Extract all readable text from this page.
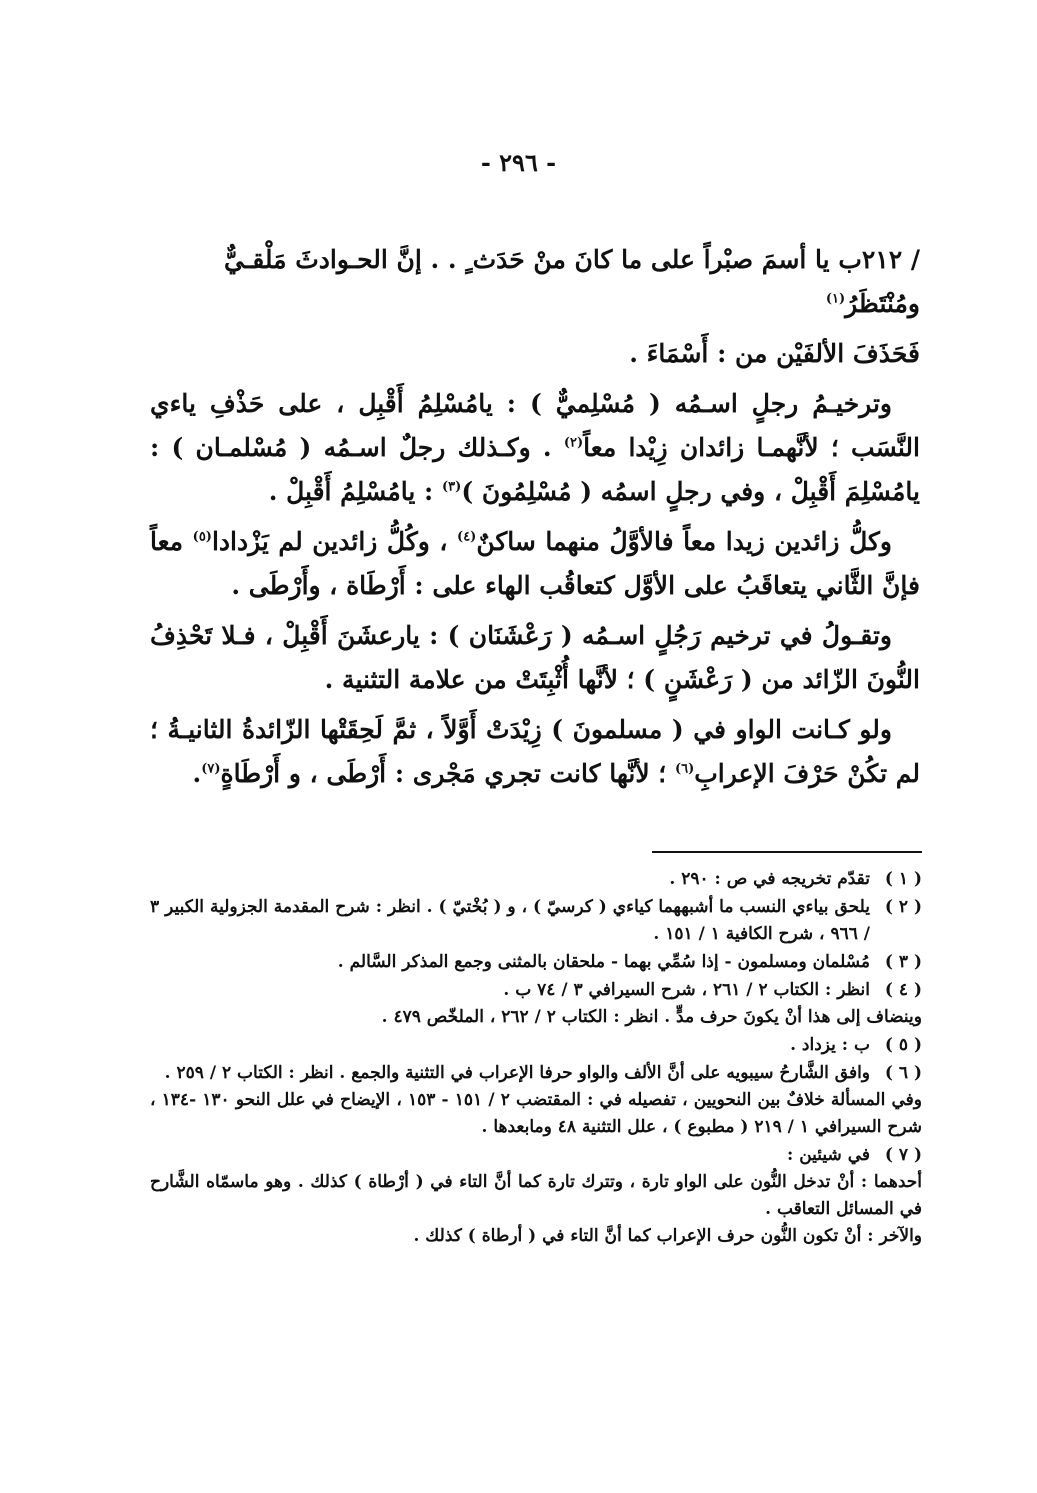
- ٢٩٦ -

/ ٢١٢ب يا أسمَ صبْراً على ما كانَ منْ حَدَث ٍ . . إنَّ الحـوادثَ مَلْقـيٌّ ومُنْتَظَرُ$^{(١)}$

فَحَذَفَ الألفَيْن من : أَسْمَاءَ .

وترخيـمُ رجلٍ اسـمُه ( مُسْلِميٌّ ) : يامُسْلِمُ أَقْبِل ، على حَذْفِ ياءي النَّسَب ؛ لأنَّهمـا زائدان زِيْدا معاً$^{(٢)}$ . وكـذلك رجلٌ اسـمُه ( مُسْلمـان ) : يامُسْلِمَ أَقْبِلْ ، وفي رجلٍ اسمُه ( مُسْلِمُونَ )$^{(٣)}$ : يامُسْلِمُ أَقْبِلْ .

وكلُّ زائدين زيدا معاً فالأوَّلُ منهما ساكنٌ$^{(٤)}$ ، وكُلُّ زائدين لم يَزْدادا$^{(٥)}$ معاً فإنَّ الثَّاني يتعاقَبُ على الأوَّل كتعاقُب الهاء على : أَرْطَاة ، وأَرْطَى .

وتقـولُ في ترخيم رَجُلٍ اسـمُه ( رَعْشَنَان ) : يارعشَنَ أَقْبِلْ ، فـلا تَحْذِفُ النُّونَ الزّائد من ( رَعْشَنٍ ) ؛ لأنَّها أُثْبِتَتْ من علامة التثنية .

ولو كـانت الواو في ( مسلمونَ ) زِيْدَتْ أَوَّلاً ، ثمَّ لَحِقَتْها الزّائدةُ الثانيـةُ ؛ لم تكُنْ حَرْفَ الإعرابِ$^{(٦)}$ ؛ لأنَّها كانت تجري مَجْرى : أَرْطَى ، و أَرْطَاةٍ$^{(٧)}$.

( ١ )
تقدّم تخريجه في ص : ٢٩٠ .
( ٢ )
يلحق بياءي النسب ما أشبههما كياءي ( كرسيّ ) ، و ( بُخْتيّ ) . انظر : شرح المقدمة الجزولية الكبير ٣ / ٩٦٦ ، شرح الكافية ١ / ١٥١ .
( ٣ )
مُسْلمان ومسلمون - إذا سُمِّي بهما - ملحقان بالمثنى وجمع المذكر السَّالم .
( ٤ )
انظر : الكتاب ٢ / ٢٦١ ، شرح السيرافي ٣ / ٧٤ ب .
وينضاف إلى هذا أنْ يكونَ حرف مدٍّ . انظر : الكتاب ٢ / ٢٦٢ ، الملخّص ٤٧٩ .
( ٥ )
ب : يزداد .
( ٦ )
وافق الشَّارحُ سيبويه على أنَّ الألف والواو حرفا الإعراب في التثنية والجمع . انظر : الكتاب ٢ / ٢٥٩ .
وفي المسألة خلافٌ بين النحويين ، تفصيله في : المقتضب ٢ / ١٥١ - ١٥٣ ، الإيضاح في علل النحو ١٣٠ -١٣٤ ، شرح السيرافي ١ / ٢١٩ ( مطبوع ) ، علل التثنية ٤٨ ومابعدها .
( ٧ )
في شيئين :
أحدهما : أنْ تدخل النُّون على الواو تارة ، وتترك تارة كما أنَّ التاء في ( أرْطاة ) كذلك . وهو ماسمّاه الشَّارح في المسائل التعاقب .
والآخر : أنْ تكون النُّون حرف الإعراب كما أنَّ التاء في ( أرطاة ) كذلك .
